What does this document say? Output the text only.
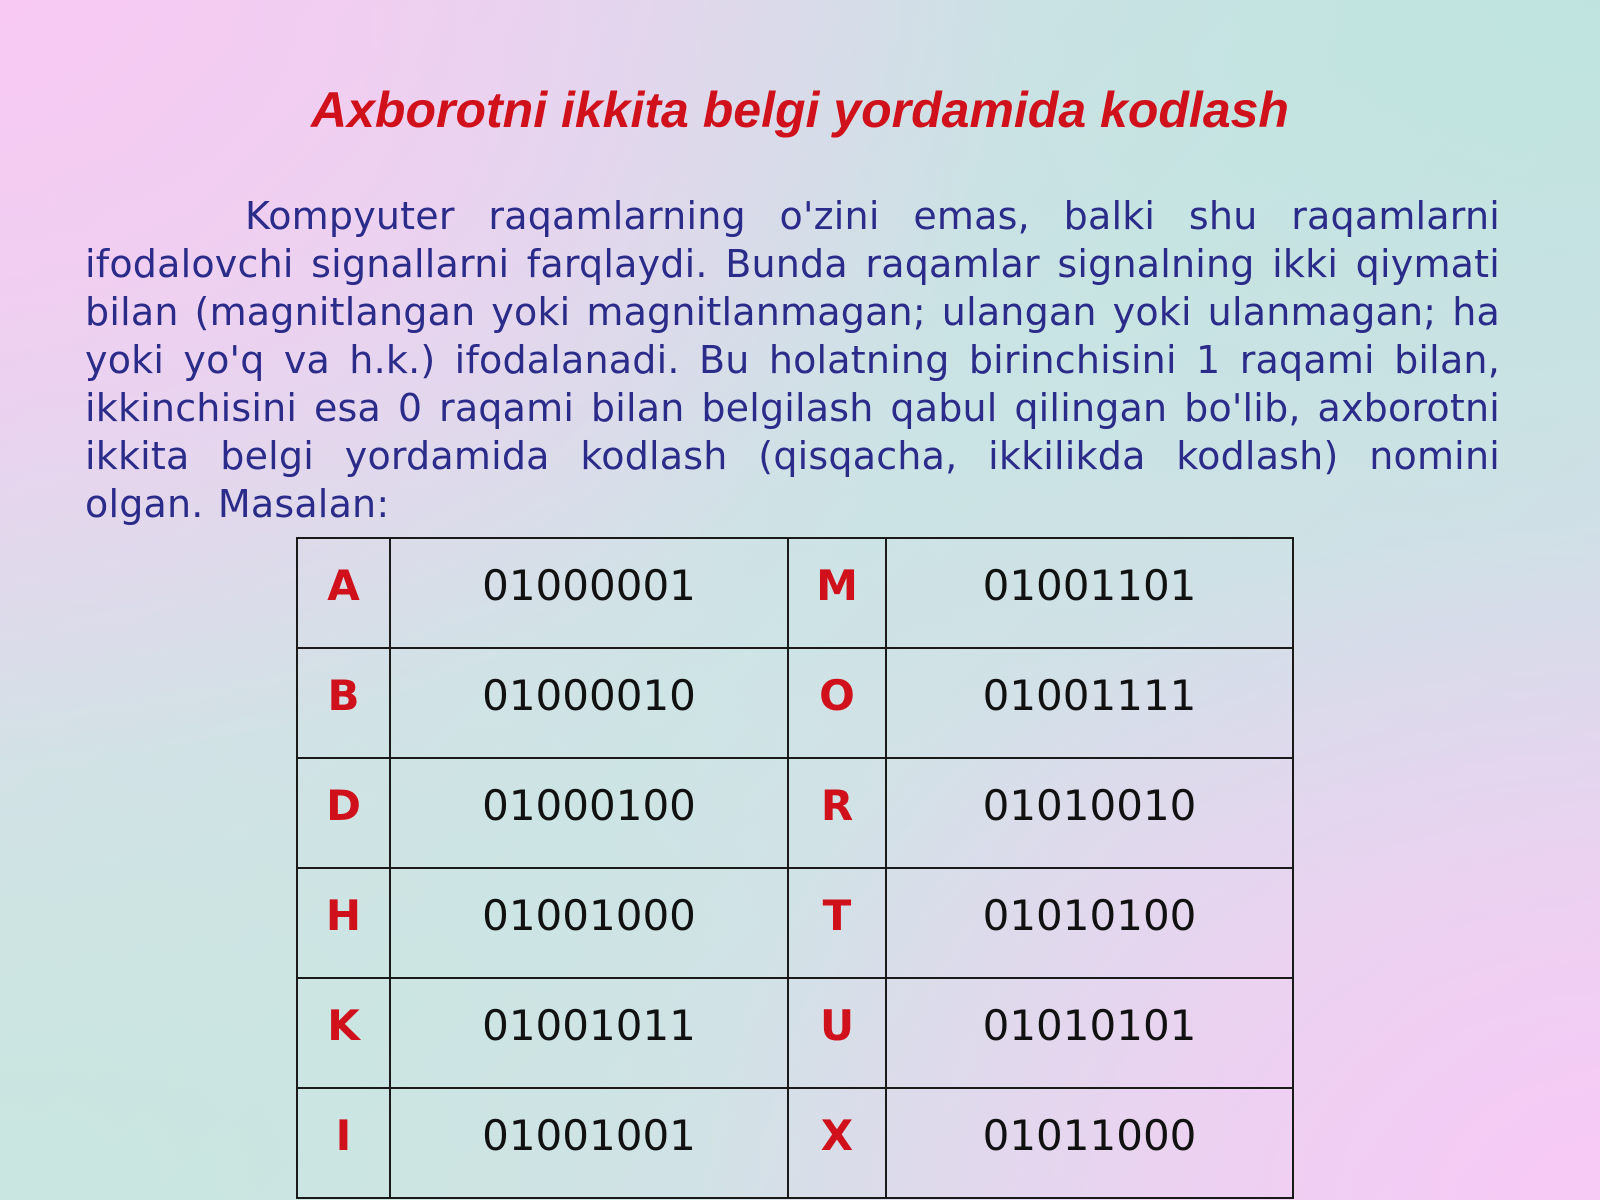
Axborotni ikkita belgi yordamida kodlash

Kompyuter raqamlarning o'zini emas, balki shu raqamlarni ifodalovchi signallarni farqlaydi. Bunda raqamlar signalning ikki qiymati bilan (magnitlangan yoki magnitlanmagan; ulangan yoki ulanmagan; ha yoki yo'q va h.k.) ifodalanadi. Bu holatning birinchisini 1 raqami bilan, ikkinchisini esa 0 raqami bilan belgilash qabul qilingan bo'lib, axborotni ikkita belgi yordamida kodlash (qisqacha, ikkilikda kodlash) nomini olgan. Masalan:

A	01000001	M	01001101
B	01000010	O	01001111
D	01000100	R	01010010
H	01001000	T	01010100
K	01001011	U	01010101
I	01001001	X	01011000
